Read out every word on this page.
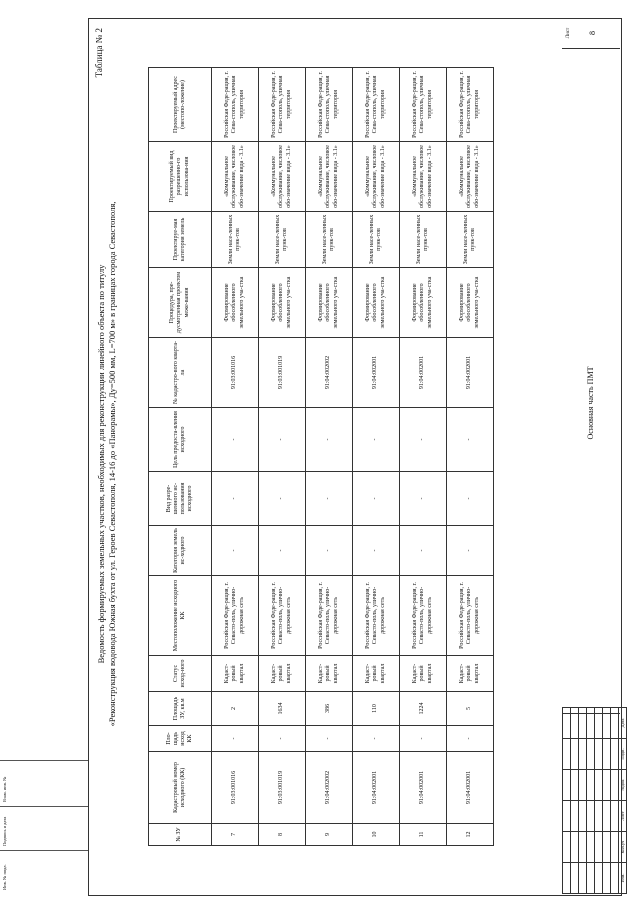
Таблица № 2
Ведомость формируемых земельных участков, необходимых для реконструкции линейного объекта по титулу «Реконструкция водовода Южная бухта от ул. Героев Севастополя, 14-16 до «Панорамы», Ду=500 мм, L=700 м» в границах города Севастополя,
№ ЗУ	Кадастровый номер исходного (КК)	Пло-щадь исход КК	Площадь ЗУ, кв.м	Статус исход-ного	Местоположение исходного КК	Категория земель ис-ходного	Вид разре-шенного ис-пользования исходного	Цель предоста-вления исходного	№ кадастро-вого кварта-ла	Процедура, пре-дусмотренная проектом меже-вания	Проектируе-мая категория земель	Проектируемый вид разрешенно-го использова-ния	Проектируемый адрес (местопо-ложение)
7	91:03:001016	-	2	Кадаст-ровый квартал	Российская Феде-рация, г. Севасто-поль, улично-дорожная сеть	-	-	-	91:03:001016	Формирование обособленного земельного уча-стка	Земли насе-ленных пунк-тов	«Коммунальное обслуживание, числовое обо-значение вида - 3.1»	Российская Феде-рация, г. Сева-стополь, уличная территория
8	91:03:001019	-	1634	Кадаст-ровый квартал	Российская Феде-рация, г. Севасто-поль, улично-дорожная сеть	-	-	-	91:03:001019	Формирование обособленного земельного уча-стка	Земли насе-ленных пунк-тов	«Коммунальное обслуживание, числовое обо-значение вида - 3.1»	Российская Феде-рация, г. Сева-стополь, уличная территория
9	91:04:002002	-	386	Кадаст-ровый квартал	Российская Феде-рация, г. Севасто-поль, улично-дорожная сеть	-	-	-	91:04:002002	Формирование обособленного земельного уча-стка	Земли насе-ленных пунк-тов	«Коммунальное обслуживание, числовое обо-значение вида - 3.1»	Российская Феде-рация, г. Сева-стополь, уличная территория
10	91:04:002001	-	110	Кадаст-ровый квартал	Российская Феде-рация, г. Севасто-поль, улично-дорожная сеть	-	-	-	91:04:002001	Формирование обособленного земельного уча-стка	Земли насе-ленных пунк-тов	«Коммунальное обслуживание, числовое обо-значение вида - 3.1»	Российская Феде-рация, г. Сева-стополь, уличная территория
11	91:04:002001	-	1224	Кадаст-ровый квартал	Российская Феде-рация, г. Севасто-поль, улично-дорожная сеть	-	-	-	91:04:002001	Формирование обособленного земельного уча-стка	Земли насе-ленных пунк-тов	«Коммунальное обслуживание, числовое обо-значение вида - 3.1»	Российская Феде-рация, г. Сева-стополь, уличная территория
12	91:04:002001	-	5	Кадаст-ровый квартал	Российская Феде-рация, г. Севасто-поль, улично-дорожная сеть	-	-	-	91:04:002001	Формирование обособленного земельного уча-стка	Земли насе-ленных пунк-тов	«Коммунальное обслуживание, числовое обо-значение вида - 3.1»	Российская Феде-рация, г. Сева-стополь, уличная территория

Изм.	Кол.уч	Лист	№док	Подп.	Дата
Основная часть ПМТ
Лист 8
Взам. инв. №
Подпись и дата
Инв. № подл.
